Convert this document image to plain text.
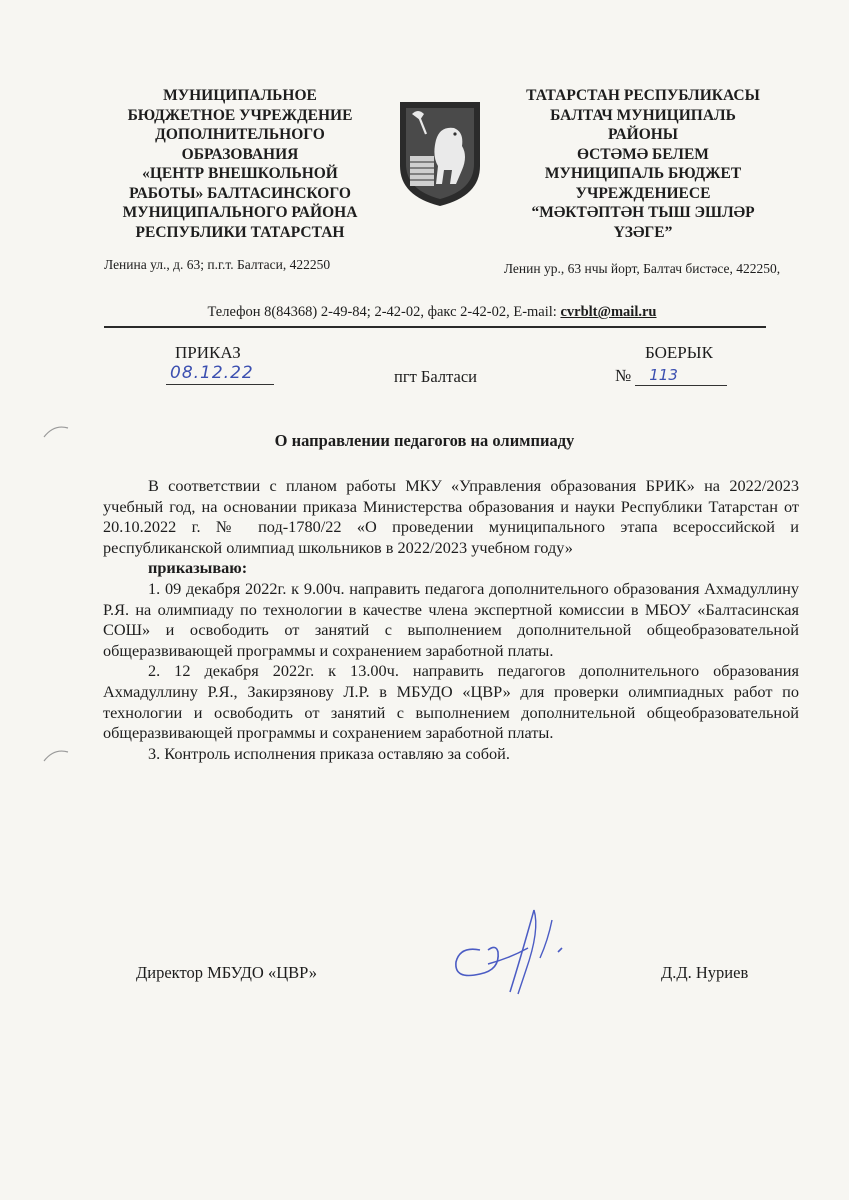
МУНИЦИПАЛЬНОЕ
БЮДЖЕТНОЕ УЧРЕЖДЕНИЕ
ДОПОЛНИТЕЛЬНОГО
ОБРАЗОВАНИЯ
«ЦЕНТР ВНЕШКОЛЬНОЙ
РАБОТЫ» БАЛТАСИНСКОГО
МУНИЦИПАЛЬНОГО РАЙОНА
РЕСПУБЛИКИ ТАТАРСТАН
ТАТАРСТАН РЕСПУБЛИКАСЫ
БАЛТАЧ МУНИЦИПАЛЬ
РАЙОНЫ
ӨСТӘМӘ БЕЛЕМ
МУНИЦИПАЛЬ БЮДЖЕТ
УЧРЕЖДЕНИЕСЕ
“МӘКТӘПТӘН ТЫШ ЭШЛӘР
ҮЗӘГЕ”
Ленина ул., д. 63; п.г.т. Балтаси, 422250	Ленин ур., 63 нчы йорт, Балтач бистәсе, 422250,
Телефон 8(84368) 2-49-84; 2-42-02, факс 2-42-02, E-mail: cvrblt@mail.ru
ПРИКАЗ	БОЕРЫК
08.12.22	пгт Балтаси	№	113
О направлении педагогов на олимпиаду

В соответствии с планом работы МКУ «Управления образования БРИК» на 2022/2023 учебный год, на основании приказа Министерства образования и науки Республики Татарстан от 20.10.2022 г. № под-1780/22 «О проведении муниципального этапа всероссийской и республиканской олимпиад школьников в 2022/2023 учебном году»

приказываю:

1. 09 декабря 2022г. к 9.00ч. направить педагога дополнительного образования Ахмадуллину Р.Я. на олимпиаду по технологии в качестве члена экспертной комиссии в МБОУ «Балтасинская СОШ» и освободить от занятий с выполнением дополнительной общеобразовательной общеразвивающей программы и сохранением заработной платы.

2. 12 декабря 2022г. к 13.00ч. направить педагогов дополнительного образования Ахмадуллину Р.Я., Закирзянову Л.Р. в МБУДО «ЦВР» для проверки олимпиадных работ по технологии и освободить от занятий с выполнением дополнительной общеобразовательной общеразвивающей программы и сохранением заработной платы.

3. Контроль исполнения приказа оставляю за собой.

Директор МБУДО «ЦВР»	Д.Д. Нуриев
